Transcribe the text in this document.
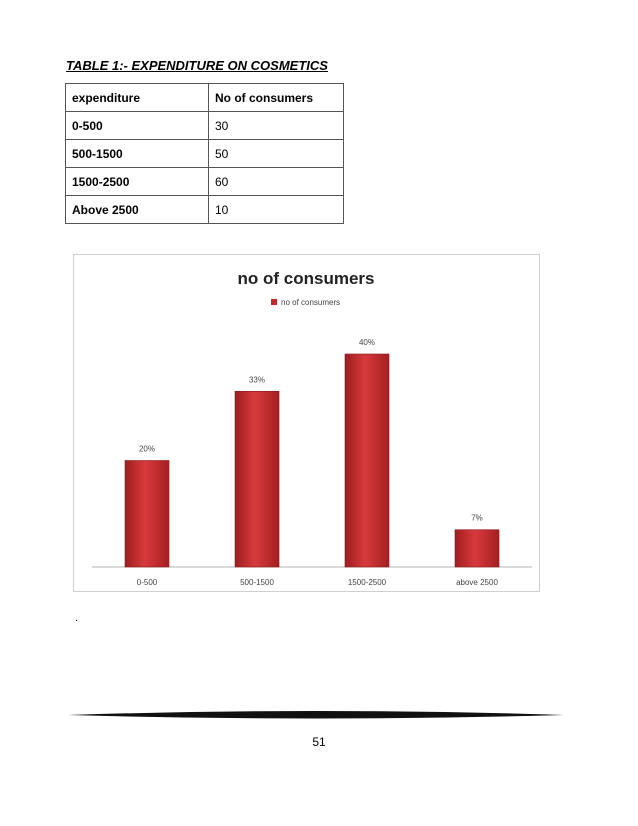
TABLE 1:- EXPENDITURE ON COSMETICS
expenditure	No of consumers
0-500	30
500-1500	50
1500-2500	60
Above 2500	10
no of consumers
no of consumers
20%
0-500
33%
500-1500
40%
1500-2500
7%
above 2500
.
51
